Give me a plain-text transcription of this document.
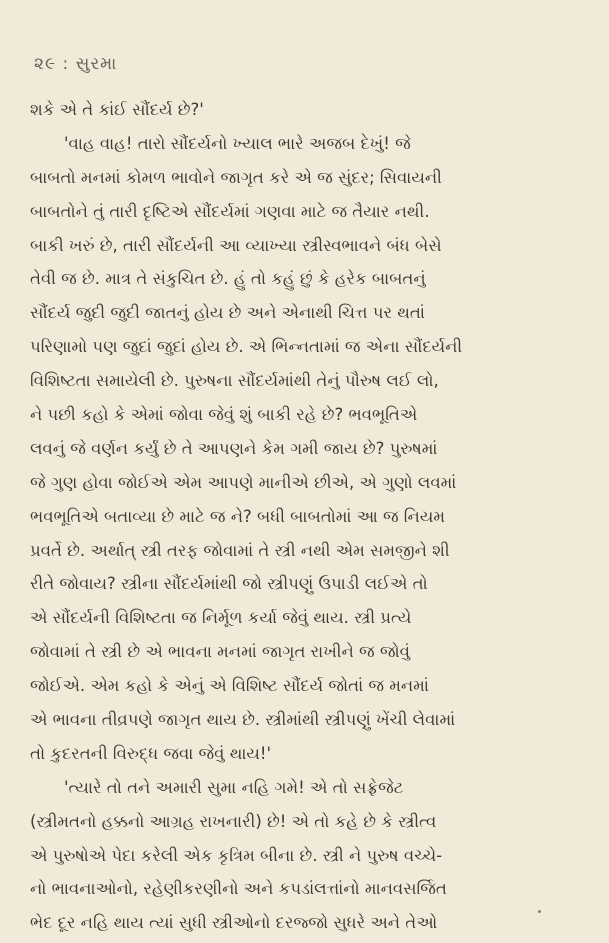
૨૯ : સુરમા
શકે એ તે કાંઈ સૌંદર્ય છે?'
'વાહ વાહ! તારો સૌંદર્યનો ખ્યાલ ભારે અજબ દેખું! જે
બાબતો મનમાં કોમળ ભાવોને જાગૃત કરે એ જ સુંદર; સિવાયની
બાબતોને તું તારી દૃષ્ટિએ સૌંદર્યમાં ગણવા માટે જ તૈયાર નથી.
બાકી ખરું છે, તારી સૌંદર્યની આ વ્યાખ્યા સ્ત્રીસ્વભાવને બંધ બેસે
તેવી જ છે. માત્ર તે સંકુચિત છે. હું તો કહું છું કે હરેક બાબતનું
સૌંદર્ય જુદી જુદી જાતનું હોય છે અને એનાથી ચિત્ત પર થતાં
પરિણામો પણ જુદાં જુદાં હોય છે. એ ભિન્નતામાં જ એના સૌંદર્યની
વિશિષ્ટતા સમાયેલી છે. પુરુષના સૌંદર્યમાંથી તેનું પૌરુષ લઈ લો,
ને પછી કહો કે એમાં જોવા જેવું શું બાકી રહે છે? ભવભૂતિએ
લવનું જે વર્ણન કર્યું છે તે આપણને કેમ ગમી જાય છે? પુરુષમાં
જે ગુણ હોવા જોઈએ એમ આપણે માનીએ છીએ, એ ગુણો લવમાં
ભવભૂતિએ બતાવ્યા છે માટે જ ને? બધી બાબતોમાં આ જ નિયમ
પ્રવર્તે છે. અર્થાત્ સ્ત્રી તરફ જોવામાં તે સ્ત્રી નથી એમ સમજીને શી
રીતે જોવાય? સ્ત્રીના સૌંદર્યમાંથી જો સ્ત્રીપણું ઉપાડી લઈએ તો
એ સૌંદર્યની વિશિષ્ટતા જ નિર્મૂળ કર્યા જેવું થાય. સ્ત્રી પ્રત્યે
જોવામાં તે સ્ત્રી છે એ ભાવના મનમાં જાગૃત રાખીને જ જોવું
જોઈએ. એમ કહો કે એનું એ વિશિષ્ટ સૌંદર્ય જોતાં જ મનમાં
એ ભાવના તીવ્રપણે જાગૃત થાય છે. સ્ત્રીમાંથી સ્ત્રીપણું ખેંચી લેવામાં
તો કુદરતની વિરુદ્ધ જવા જેવું થાય!'
'ત્યારે તો તને અમારી સુમા નહિ ગમે! એ તો સફ્રેજેટ
(સ્ત્રીમતનો હક્કનો આગ્રહ રાખનારી) છે! એ તો કહે છે કે સ્ત્રીત્વ
એ પુરુષોએ પેદા કરેલી એક કૃત્રિમ બીના છે. સ્ત્રી ને પુરુષ વચ્ચે-
નો ભાવનાઓનો, રહેણીકરણીનો અને કપડાંલત્તાંનો માનવસર્જિત
ભેદ દૂર નહિ થાય ત્યાં સુધી સ્ત્રીઓનો દરજ્જો સુધરે અને તેઓ
